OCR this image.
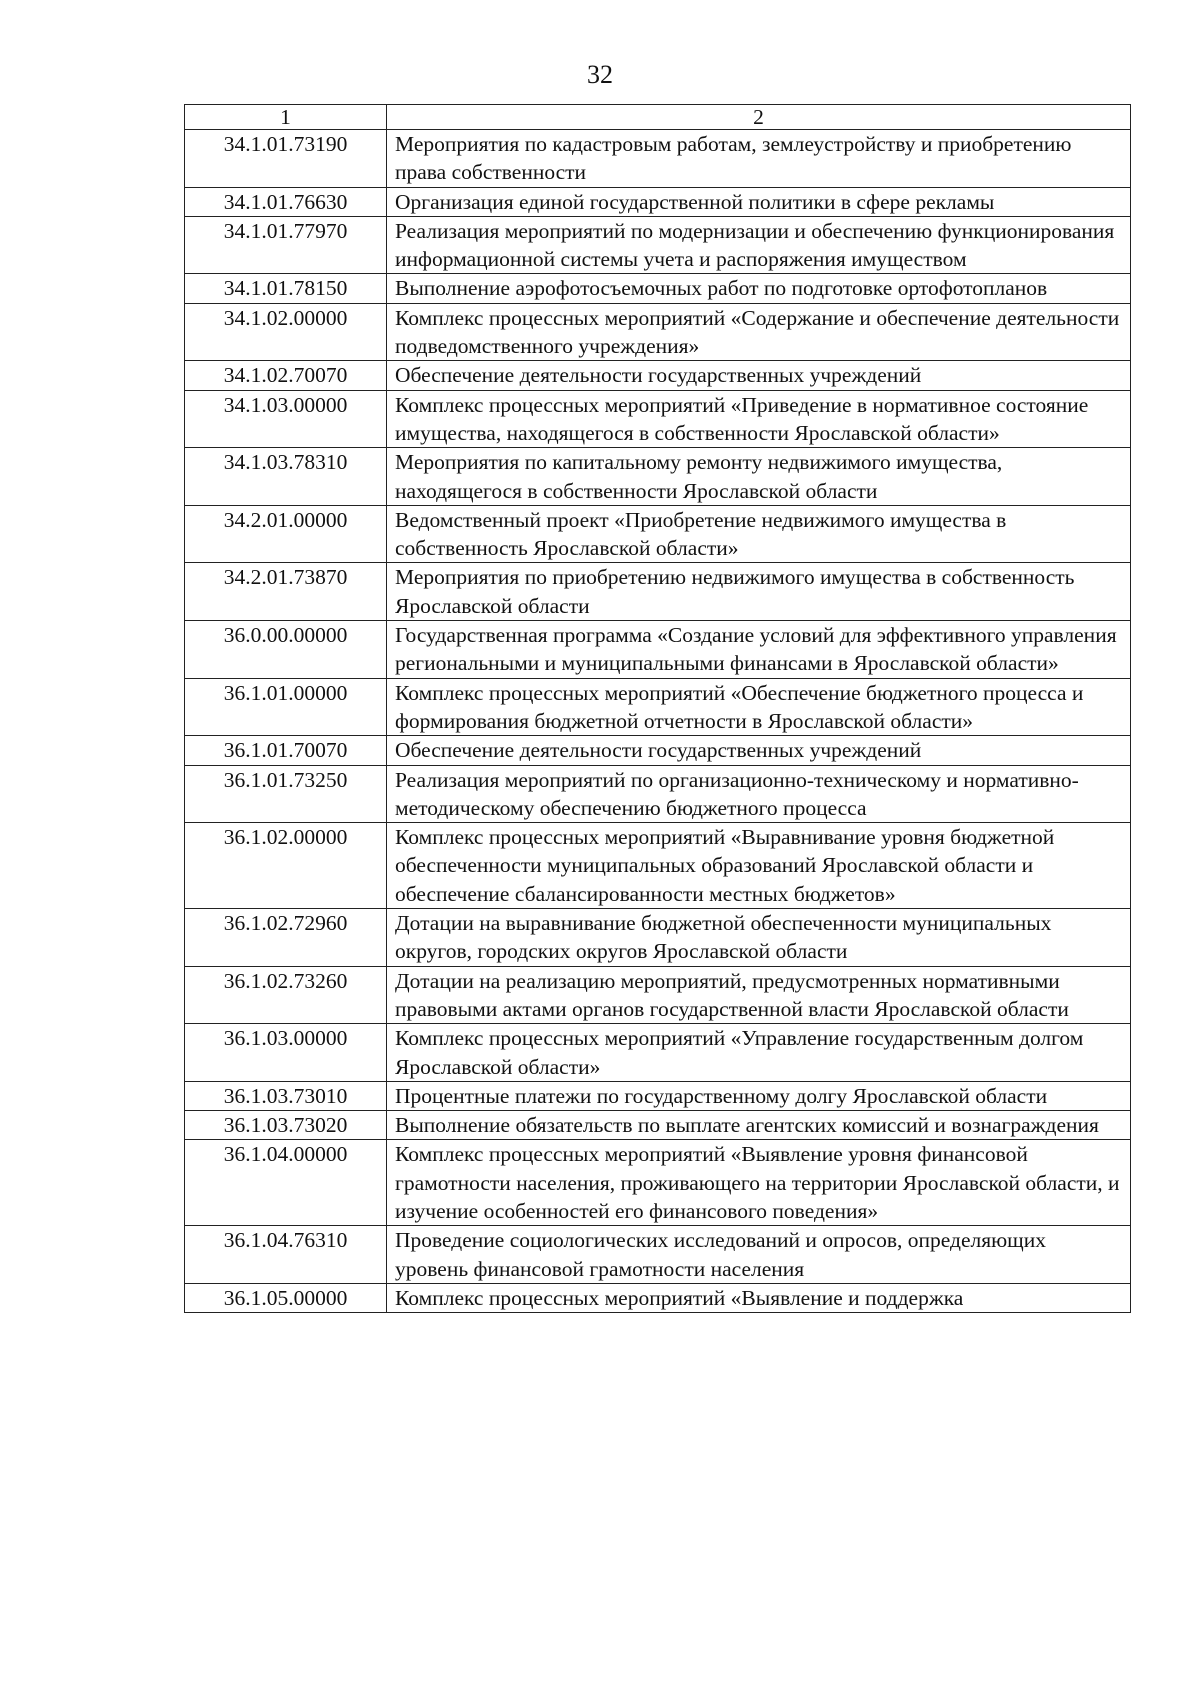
32
1	2
34.1.01.73190	Мероприятия по кадастровым работам, землеустройству и приобретению права собственности
34.1.01.76630	Организация единой государственной политики в сфере рекламы
34.1.01.77970	Реализация мероприятий по модернизации и обеспечению функционирования информационной системы учета и распоряжения имуществом
34.1.01.78150	Выполнение аэрофотосъемочных работ по подготовке ортофотопланов
34.1.02.00000	Комплекс процессных мероприятий «Содержание и обеспечение деятельности подведомственного учреждения»
34.1.02.70070	Обеспечение деятельности государственных учреждений
34.1.03.00000	Комплекс процессных мероприятий «Приведение в нормативное состояние имущества, находящегося в собственности Ярославской области»
34.1.03.78310	Мероприятия по капитальному ремонту недвижимого имущества, находящегося в собственности Ярославской области
34.2.01.00000	Ведомственный проект «Приобретение недвижимого имущества в собственность Ярославской области»
34.2.01.73870	Мероприятия по приобретению недвижимого имущества в собственность Ярославской области
36.0.00.00000	Государственная программа «Создание условий для эффективного управления региональными и муниципальными финансами в Ярославской области»
36.1.01.00000	Комплекс процессных мероприятий «Обеспечение бюджетного процесса и формирования бюджетной отчетности в Ярославской области»
36.1.01.70070	Обеспечение деятельности государственных учреждений
36.1.01.73250	Реализация мероприятий по организационно-техническому и нормативно-методическому обеспечению бюджетного процесса
36.1.02.00000	Комплекс процессных мероприятий «Выравнивание уровня бюджетной обеспеченности муниципальных образований Ярославской области и обеспечение сбалансированности местных бюджетов»
36.1.02.72960	Дотации на выравнивание бюджетной обеспеченности муниципальных округов, городских округов Ярославской области
36.1.02.73260	Дотации на реализацию мероприятий, предусмотренных нормативными правовыми актами органов государственной власти Ярославской области
36.1.03.00000	Комплекс процессных мероприятий «Управление государственным долгом Ярославской области»
36.1.03.73010	Процентные платежи по государственному долгу Ярославской области
36.1.03.73020	Выполнение обязательств по выплате агентских комиссий и вознаграждения
36.1.04.00000	Комплекс процессных мероприятий «Выявление уровня финансовой грамотности населения, проживающего на территории Ярославской области, и изучение особенностей его финансового поведения»
36.1.04.76310	Проведение социологических исследований и опросов, определяющих уровень финансовой грамотности населения
36.1.05.00000	Комплекс процессных мероприятий «Выявление и поддержка
